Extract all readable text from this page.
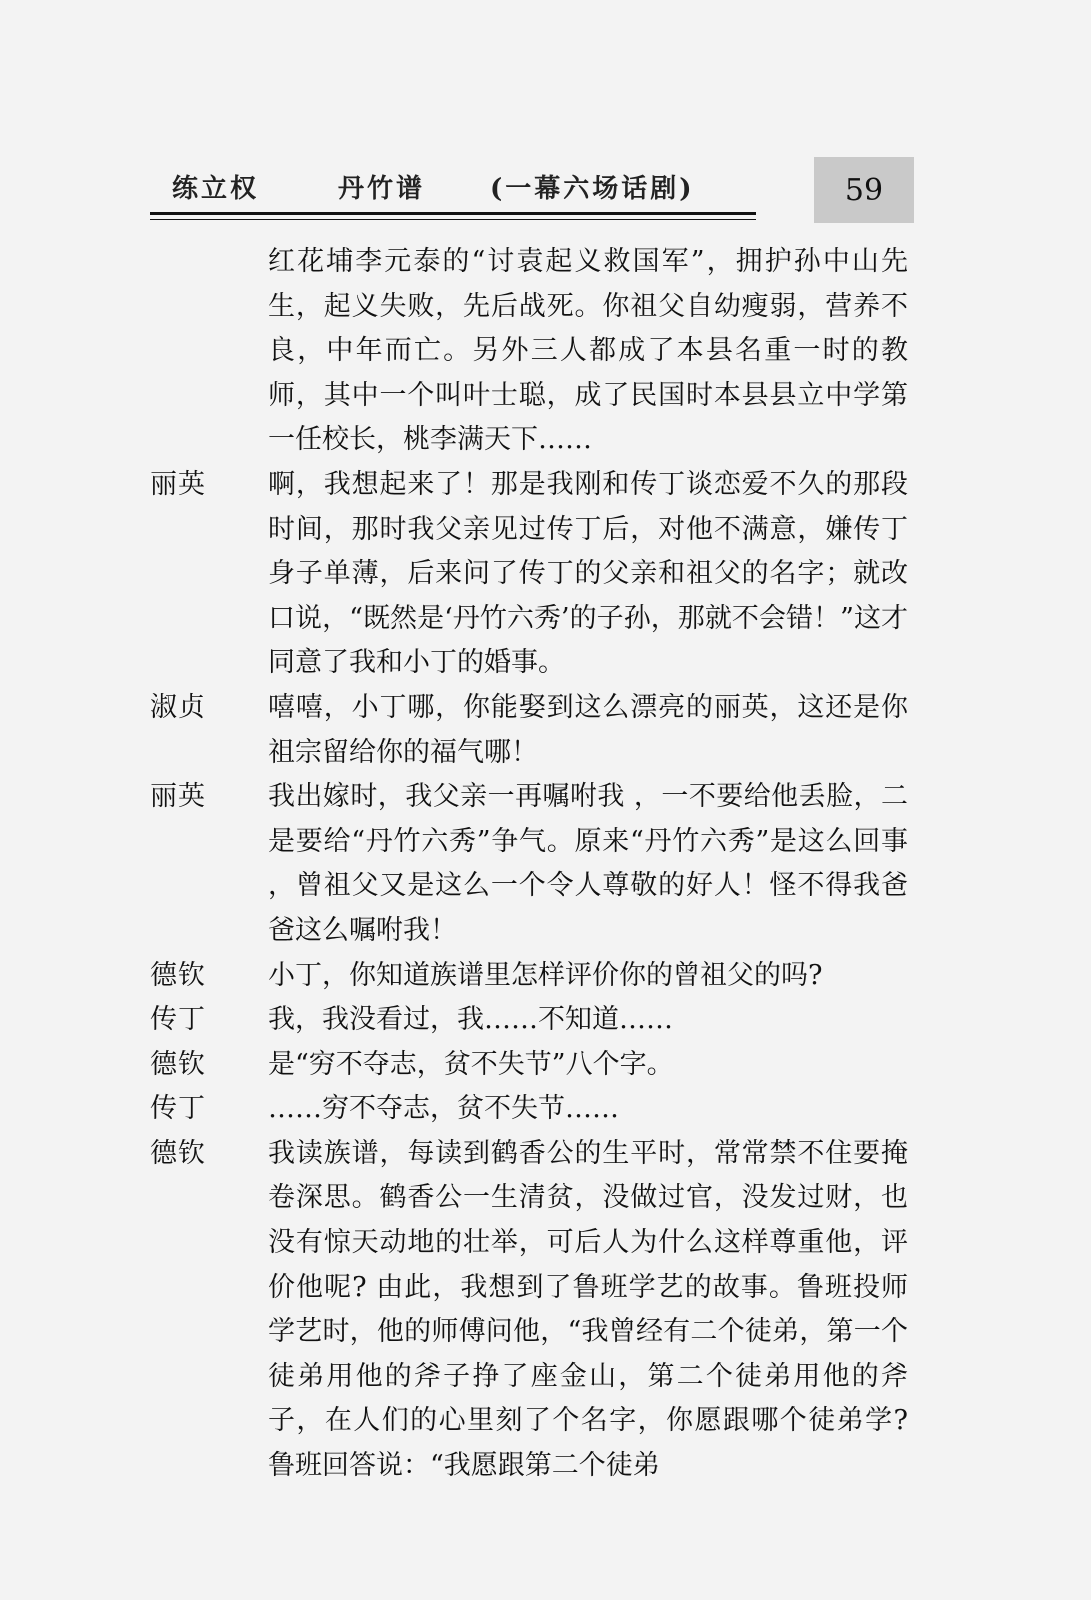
练立权	丹竹谱 (一幕六场话剧)	59
红花埔李元泰的“讨袁起义救国军”，拥护孙中山先生，起义失败，先后战死。你祖父自幼瘦弱，营养不良，中年而亡。另外三人都成了本县名重一时的教师，其中一个叫叶士聪，成了民国时本县县立中学第一任校长，桃李满天下……
丽英	啊，我想起来了！那是我刚和传丁谈恋爱不久的那段时间，那时我父亲见过传丁后，对他不满意，嫌传丁身子单薄，后来问了传丁的父亲和祖父的名字；就改口说，“既然是‘丹竹六秀’的子孙，那就不会错！”这才同意了我和小丁的婚事。
淑贞	嘻嘻，小丁哪，你能娶到这么漂亮的丽英，这还是你祖宗留给你的福气哪！
丽英	我出嫁时，我父亲一再嘱咐我 ，一不要给他丢脸，二是要给“丹竹六秀”争气。原来“丹竹六秀”是这么回事 ，曾祖父又是这么一个令人尊敬的好人！怪不得我爸爸这么嘱咐我！
德钦	小丁，你知道族谱里怎样评价你的曾祖父的吗?
传丁	我，我没看过，我……不知道……
德钦	是“穷不夺志，贫不失节”八个字。
传丁	……穷不夺志，贫不失节……
德钦	我读族谱，每读到鹤香公的生平时，常常禁不住要掩卷深思。鹤香公一生清贫，没做过官，没发过财，也没有惊天动地的壮举，可后人为什么这样尊重他，评价他呢? 由此，我想到了鲁班学艺的故事。鲁班投师学艺时，他的师傅问他，“我曾经有二个徒弟，第一个徒弟用他的斧子挣了座金山，第二个徒弟用他的斧子，在人们的心里刻了个名字，你愿跟哪个徒弟学? 鲁班回答说：“我愿跟第二个徒弟
